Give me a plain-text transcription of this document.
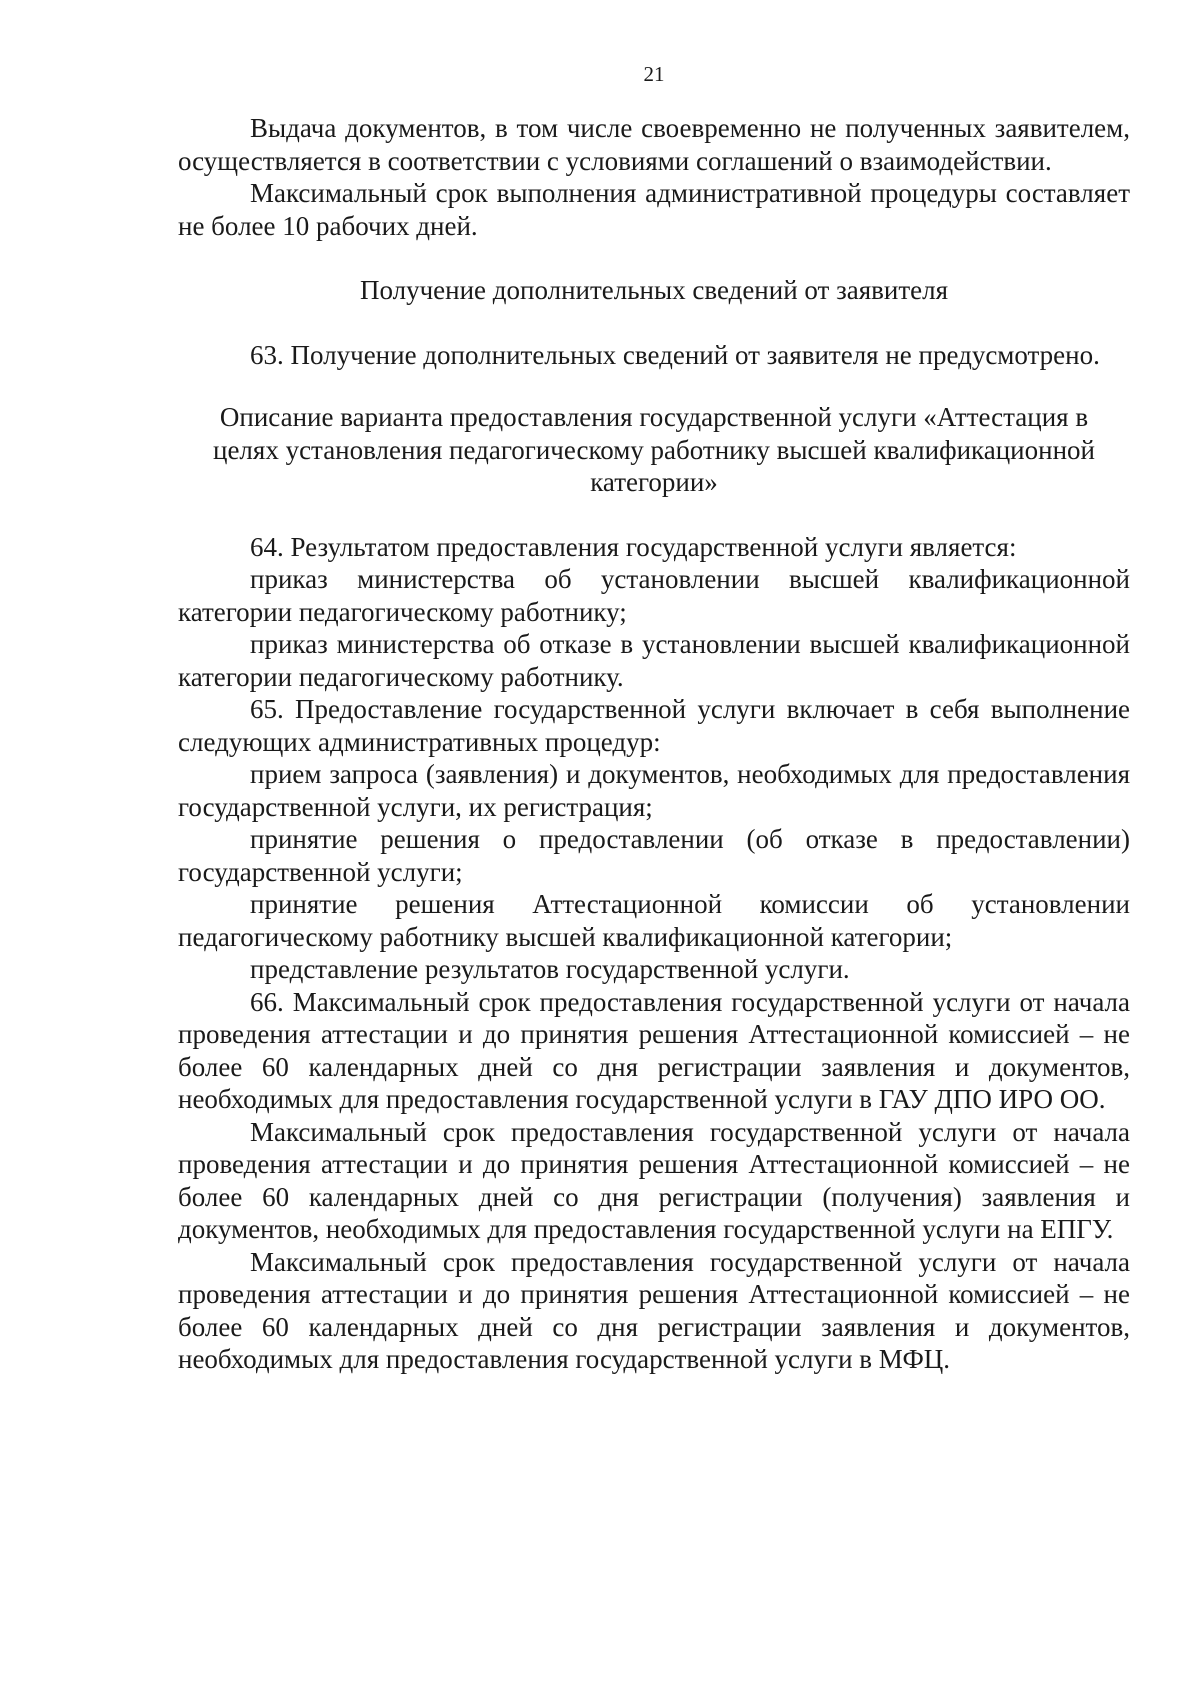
21

Выдача документов, в том числе своевременно не полученных заявителем, осуществляется в соответствии с условиями соглашений о взаимодействии.

Максимальный срок выполнения административной процедуры составляет не более 10 рабочих дней.

Получение дополнительных сведений от заявителя

63. Получение дополнительных сведений от заявителя не предусмотрено.

Описание варианта предоставления государственной услуги «Аттестация в целях установления педагогическому работнику высшей квалификационной категории»

64. Результатом предоставления государственной услуги является:

приказ министерства об установлении высшей квалификационной категории педагогическому работнику;

приказ министерства об отказе в установлении высшей квалификационной категории педагогическому работнику.

65. Предоставление государственной услуги включает в себя выполнение следующих административных процедур:

прием запроса (заявления) и документов, необходимых для предоставления государственной услуги, их регистрация;

принятие решения о предоставлении (об отказе в предоставлении) государственной услуги;

принятие решения Аттестационной комиссии об установлении педагогическому работнику высшей квалификационной категории;

представление результатов государственной услуги.

66. Максимальный срок предоставления государственной услуги от начала проведения аттестации и до принятия решения Аттестационной комиссией – не более 60 календарных дней со дня регистрации заявления и документов, необходимых для предоставления государственной услуги в ГАУ ДПО ИРО ОО.

Максимальный срок предоставления государственной услуги от начала проведения аттестации и до принятия решения Аттестационной комиссией – не более 60 календарных дней со дня регистрации (получения) заявления и документов, необходимых для предоставления государственной услуги на ЕПГУ.

Максимальный срок предоставления государственной услуги от начала проведения аттестации и до принятия решения Аттестационной комиссией – не более 60 календарных дней со дня регистрации заявления и документов, необходимых для предоставления государственной услуги в МФЦ.
